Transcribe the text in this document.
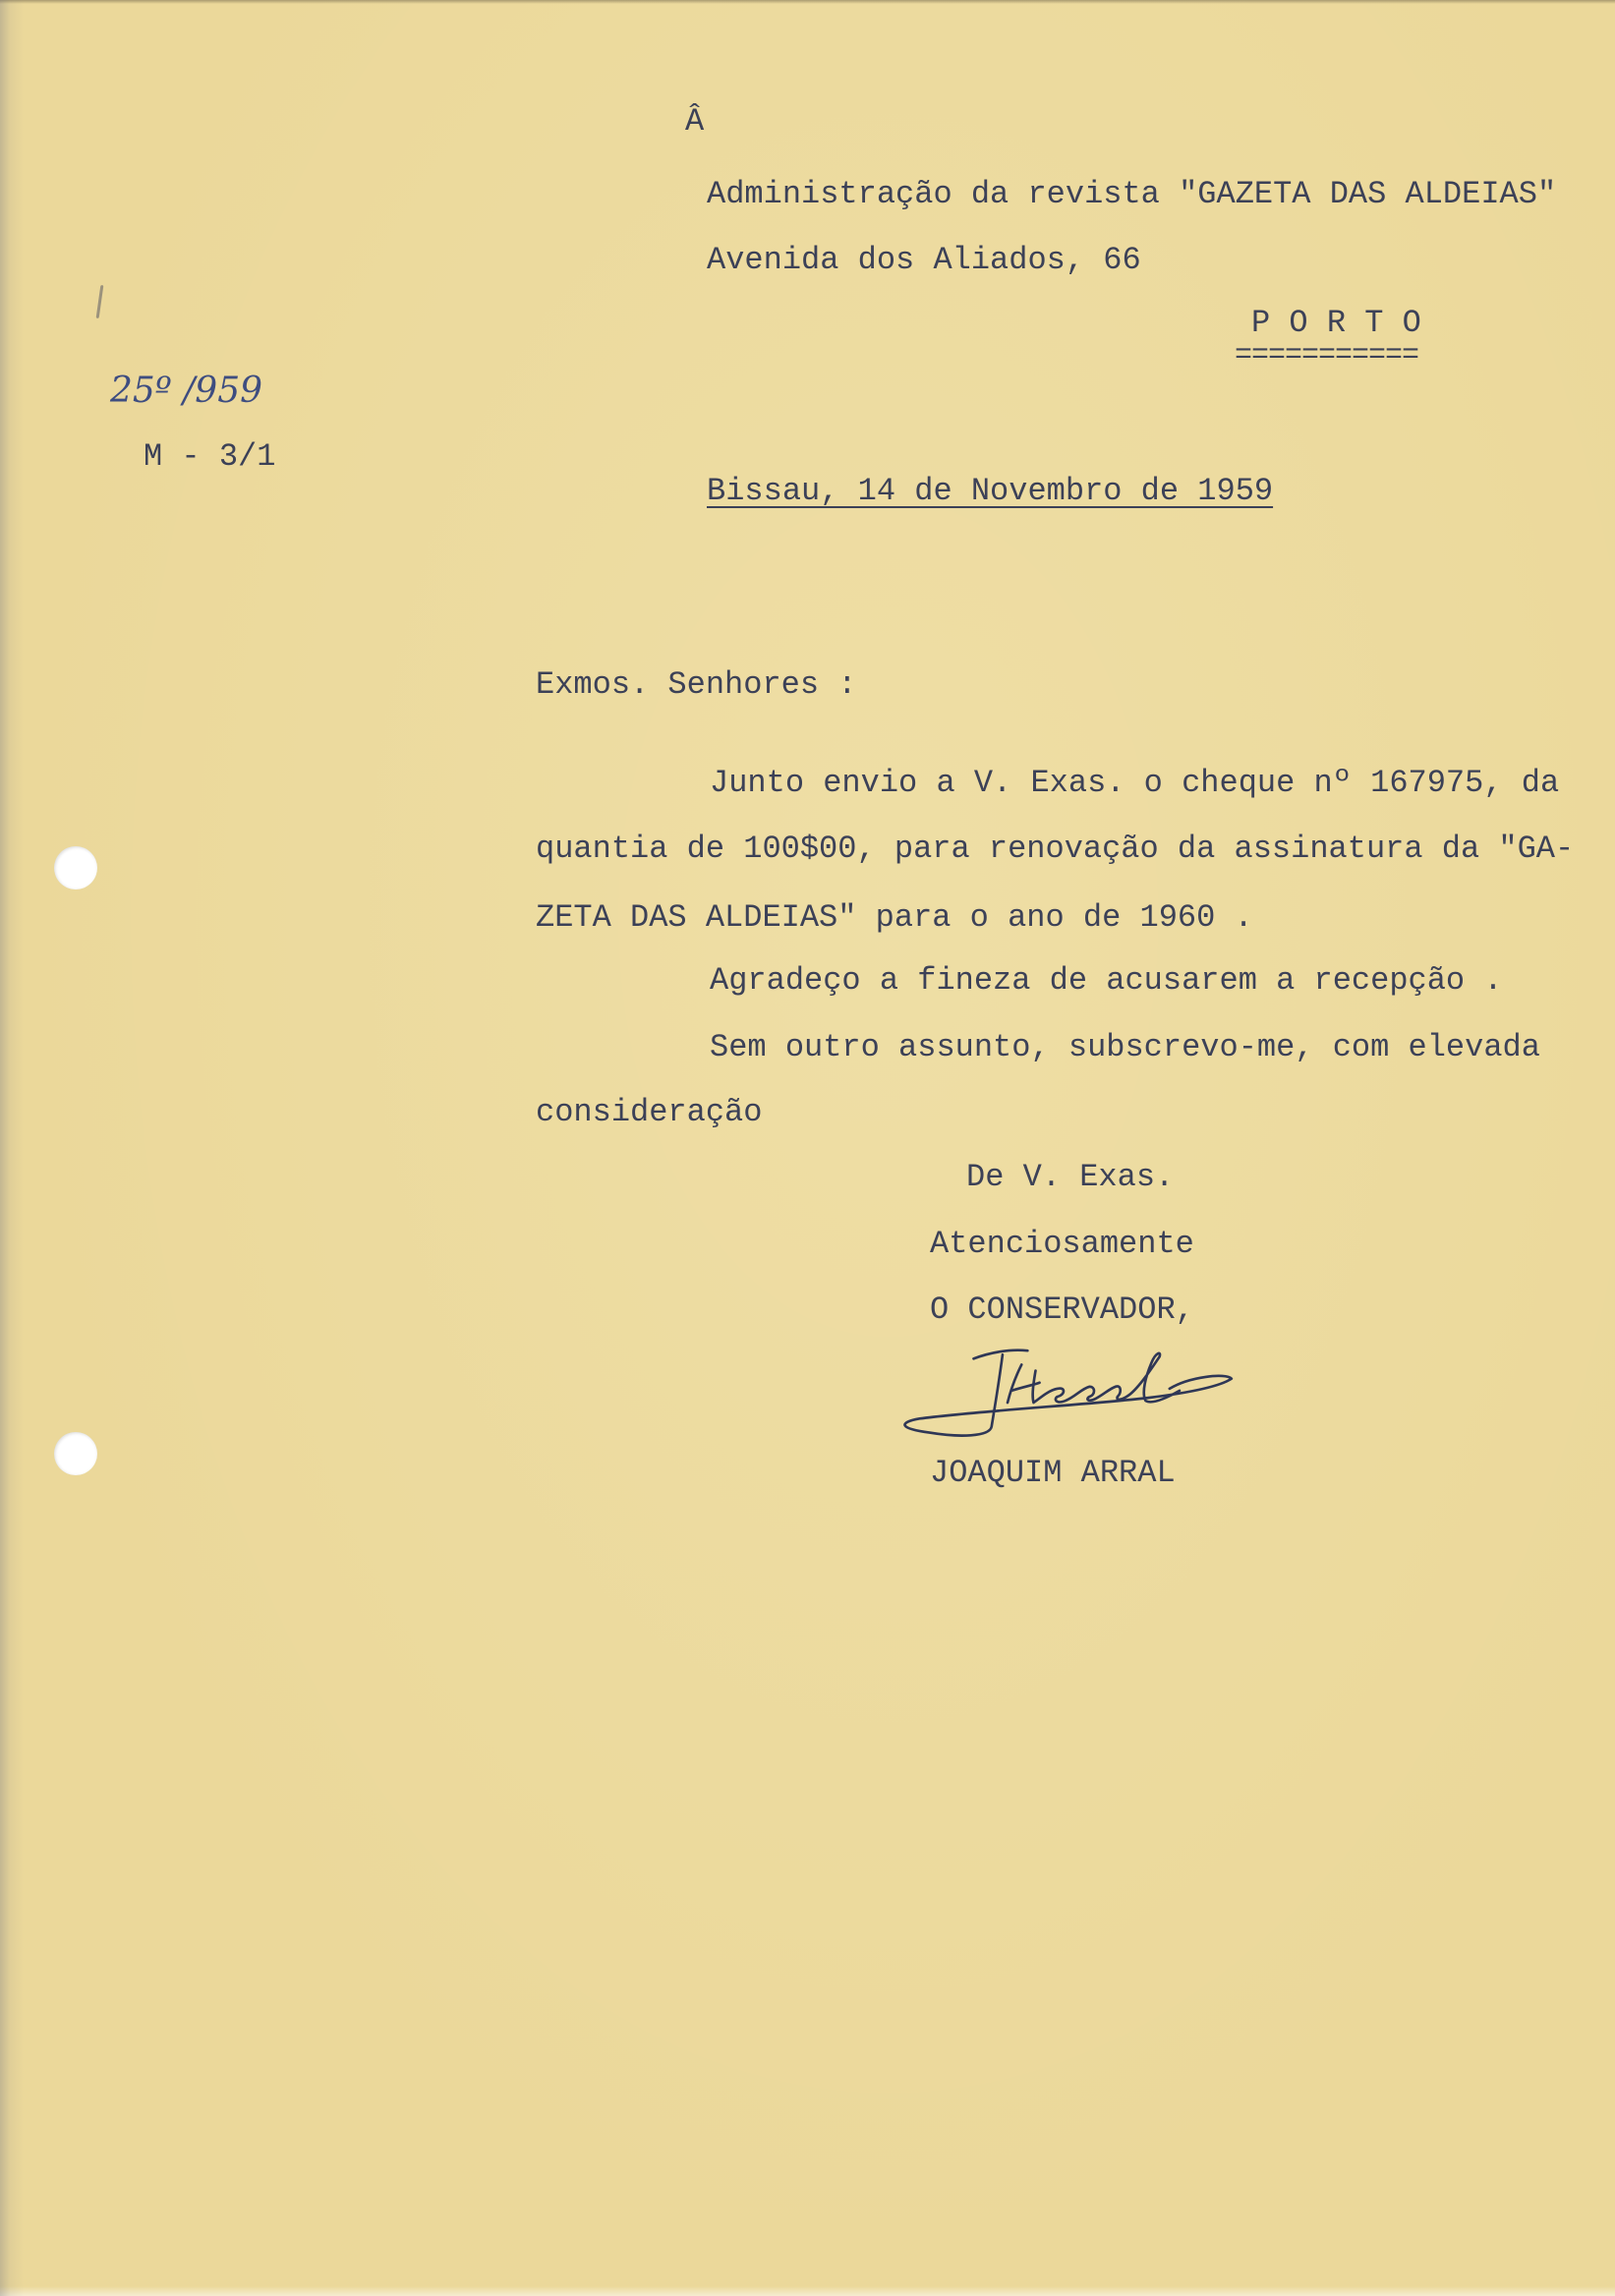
Â
Administração da revista "GAZETA DAS ALDEIAS"
Avenida dos Aliados, 66
P O R T O
===========
25º /959
M - 3/1
Bissau, 14 de Novembro de 1959
Exmos. Senhores :
Junto envio a V. Exas. o cheque nº 167975, da
quantia de 100$00, para renovação da assinatura da "GA-
ZETA DAS ALDEIAS" para o ano de 1960 .
Agradeço a fineza de acusarem a recepção .
Sem outro assunto, subscrevo-me, com elevada
consideração
De V. Exas.
Atenciosamente
O CONSERVADOR,
JOAQUIM ARRAL
